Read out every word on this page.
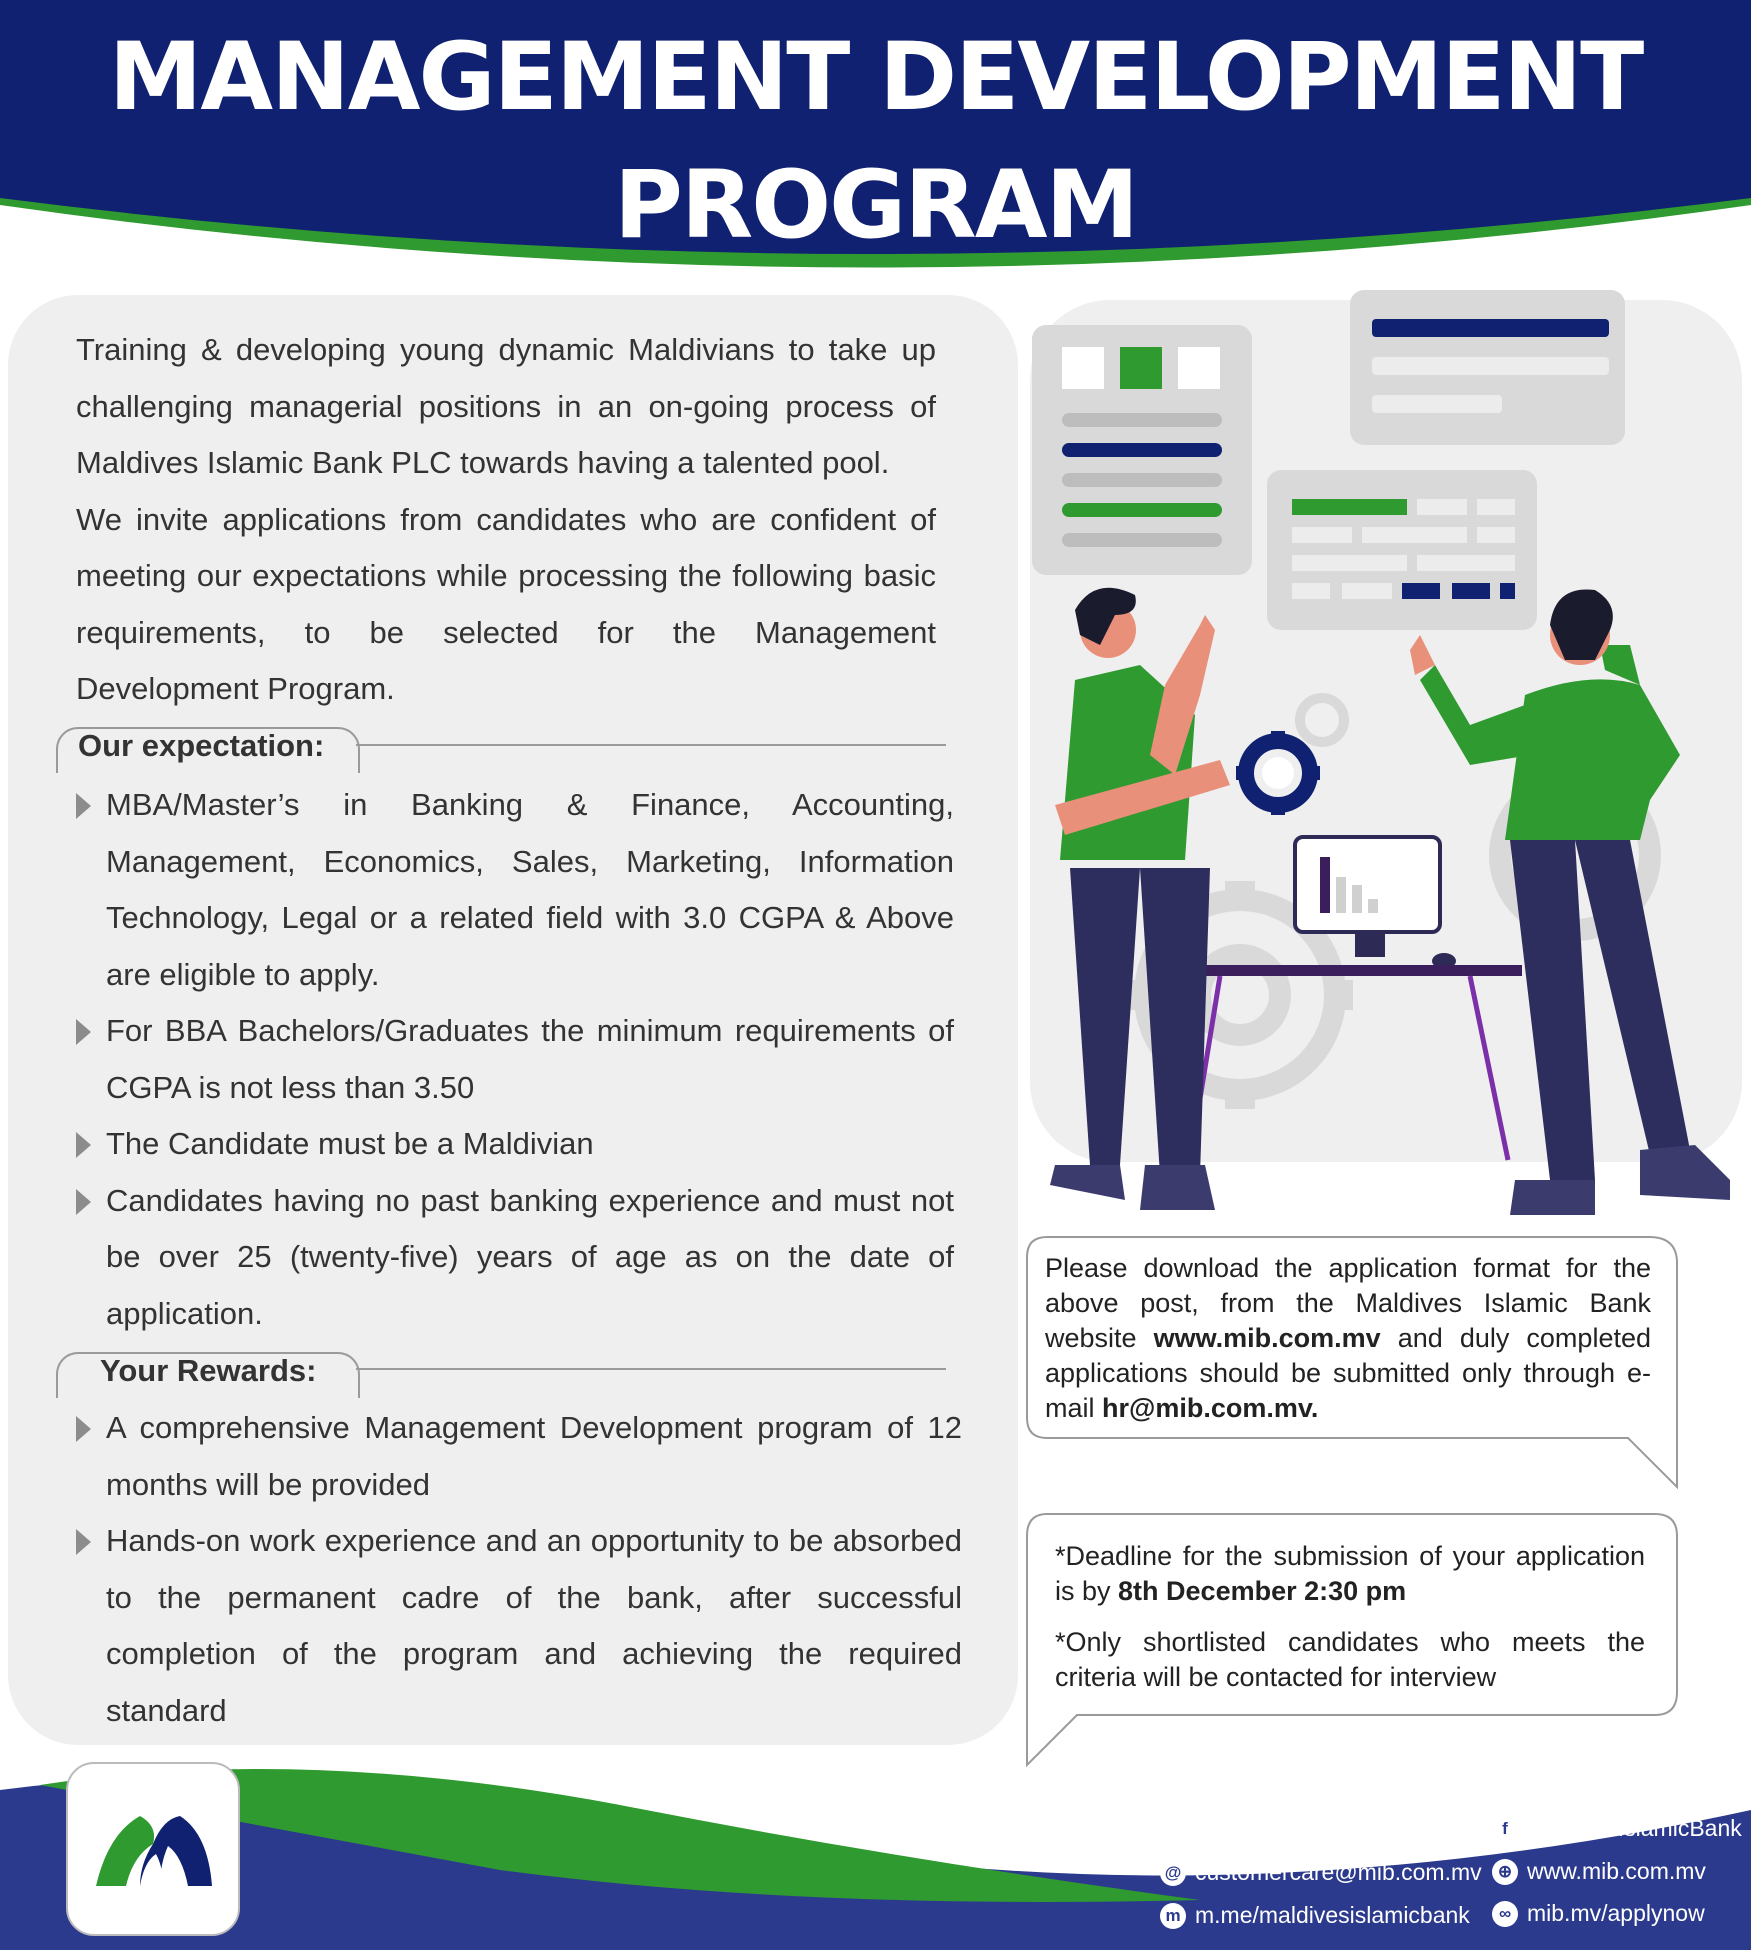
MANAGEMENT DEVELOPMENT
PROGRAM

Training & developing young dynamic Maldivians to take up challenging managerial positions in an on-going process of Maldives Islamic Bank PLC towards having a talented pool.

We invite applications from candidates who are confident of meeting our expectations while processing the following basic requirements, to be selected for the Management Development Program.

Our expectation:
MBA/Master’s in Banking & Finance, Accounting, Management, Economics, Sales, Marketing, Information Technology, Legal or a related field with 3.0 CGPA & Above are eligible to apply.
For BBA Bachelors/Graduates the minimum requirements of CGPA is not less than 3.50
The Candidate must be a Maldivian
Candidates having no past banking experience and must not be over 25 (twenty-five) years of age as on the date of application.
Your Rewards:
A comprehensive Management Development program of 12 months will be provided
Hands-on work experience and an opportunity to be absorbed to the permanent cadre of the bank, after successful completion of the program and achieving the required standard

Please download the application format for the above post, from the Maldives Islamic Bank website www.mib.com.mv and duly completed applications should be submitted only through e-mail hr@mib.com.mv.

*Deadline for the submission of your application is by 8th December 2:30 pm

*Only shortlisted candidates who meets the criteria will be contacted for interview

@ customercare@mib.com.mv
m m.me/maldivesislamicbank
f MaldivesIslamicBank
⊕ www.mib.com.mv
∞ mib.mv/applynow
